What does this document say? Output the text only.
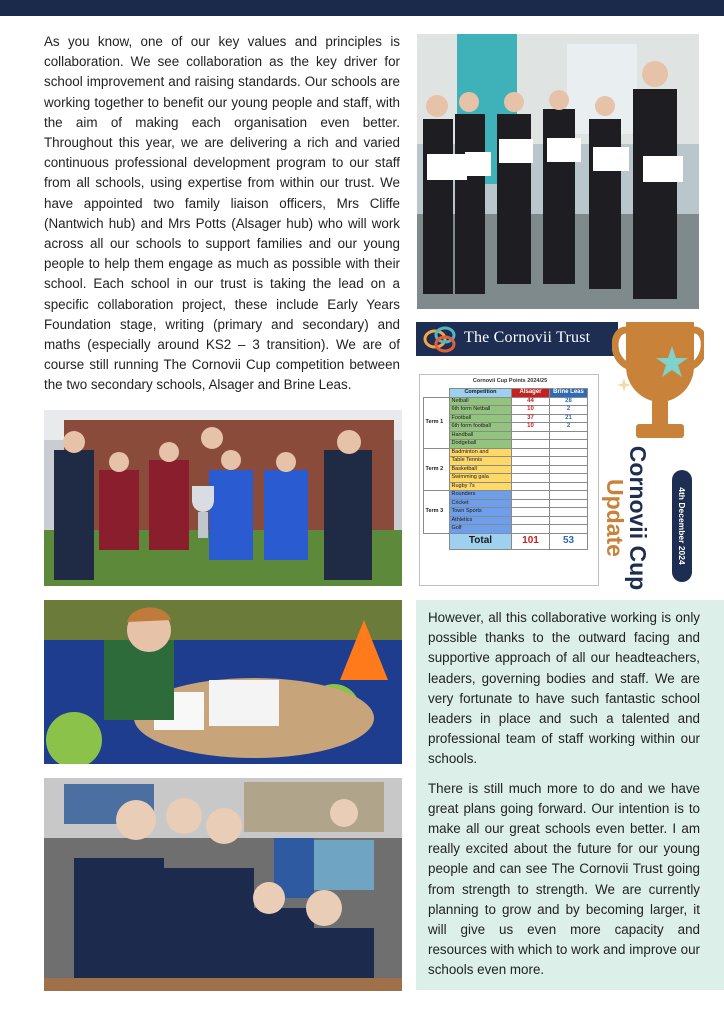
As you know, one of our key values and principles is collaboration. We see collaboration as the key driver for school improvement and raising standards. Our schools are working together to benefit our young people and staff, with the aim of making each organisation even better. Throughout this year, we are delivering a rich and varied continuous professional development program to our staff from all schools, using expertise from within our trust. We have appointed two family liaison officers, Mrs Cliffe (Nantwich hub) and Mrs Potts (Alsager hub) who will work across all our schools to support families and our young people to help them engage as much as possible with their school. Each school in our trust is taking the lead on a specific collaboration project, these include Early Years Foundation stage, writing (primary and secondary) and maths (especially around KS2 – 3 transition). We are of course still running The Cornovii Cup competition between the two secondary schools, Alsager and Brine Leas.

The Cornovii Trust
Cornovii Cup Points 2024/25
	Competition	Alsager	Brine Leas
Term 1	Netball	44	28
	6th form Netball	10	2
	Football	37	21
	6th form football	10	2
	Handball		
	Dodgeball		
Term 2	Badminton and		
	Table Tennis		
	Basketball		
	Swimming gala		
	Rugby 7s		
Term 3	Rounders		
	Cricket		
	Town Sports		
	Athletics		
	Golf		
	Total	101	53 Cornovii Cup
Update	4th December 2024

However, all this collaborative working is only possible thanks to the outward facing and supportive approach of all our headteachers, leaders, governing bodies and staff. We are very fortunate to have such fantastic school leaders in place and such a talented and professional team of staff working within our schools.

There is still much more to do and we have great plans going forward. Our intention is to make all our great schools even better. I am really excited about the future for our young people and can see The Cornovii Trust going from strength to strength. We are currently planning to grow and by becoming larger, it will give us even more capacity and resources with which to work and improve our schools even more.
